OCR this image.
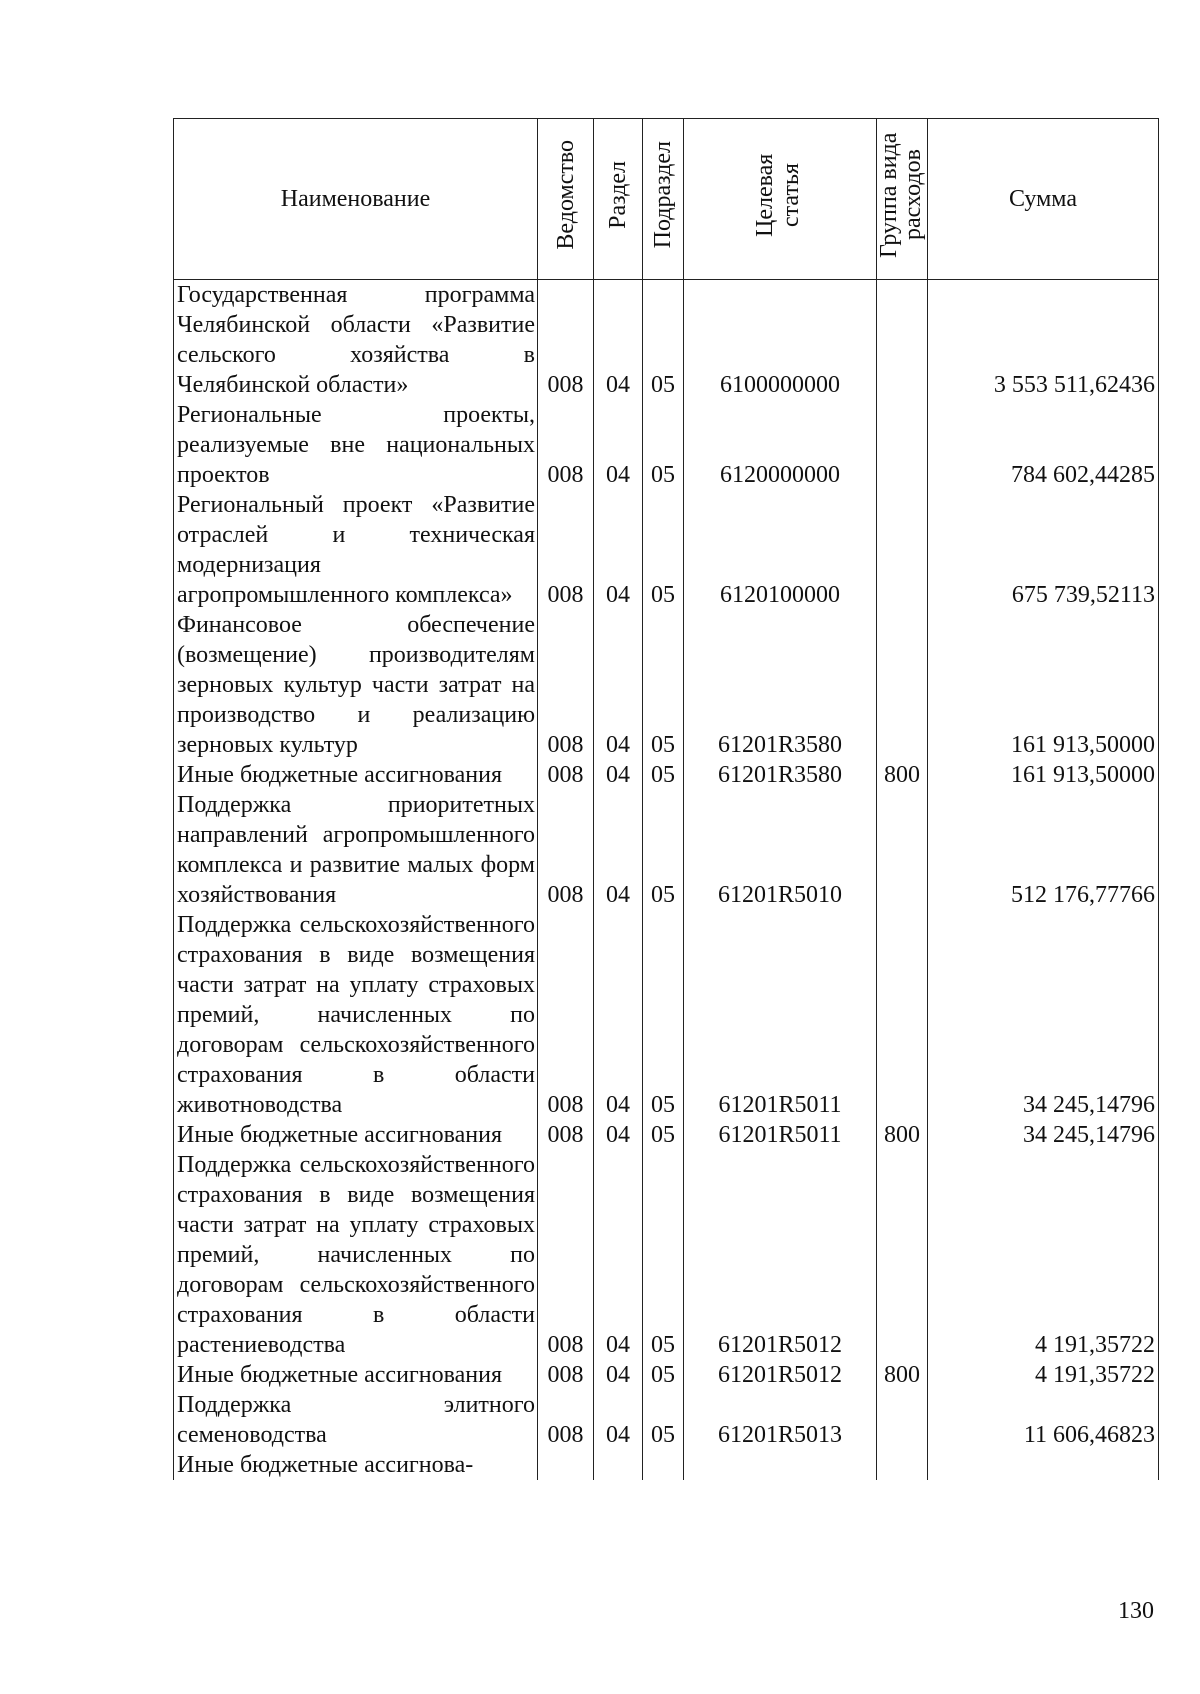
Наименование	Ведомство	Раздел	Подраздел	Целевая статья	Группа вида расходов	Сумма

Государственная программа Челябинской области «Развитие сельского хозяйства в Челябинской области»	008	04	05	6100000000		3 553 511,62436
Региональные проекты, реализуемые вне национальных проектов	008	04	05	6120000000		784 602,44285
Региональный проект «Развитие отраслей и техническая модернизация агропромышленного комплекса»	008	04	05	6120100000		675 739,52113
Финансовое обеспечение (возмещение) производителям зерновых культур части затрат на производство и реализацию зерновых культур	008	04	05	61201R3580		161 913,50000
Иные бюджетные ассигнования	008	04	05	61201R3580	800	161 913,50000
Поддержка приоритетных направлений агропромышленного комплекса и развитие малых форм хозяйствования	008	04	05	61201R5010		512 176,77766
Поддержка сельскохозяйственного страхования в виде возмещения части затрат на уплату страховых премий, начисленных по договорам сельскохозяйственного страхования в области животноводства	008	04	05	61201R5011		34 245,14796
Иные бюджетные ассигнования	008	04	05	61201R5011	800	34 245,14796
Поддержка сельскохозяйственного страхования в виде возмещения части затрат на уплату страховых премий, начисленных по договорам сельскохозяйственного страхования в области растениеводства	008	04	05	61201R5012		4 191,35722
Иные бюджетные ассигнования	008	04	05	61201R5012	800	4 191,35722
Поддержка элитного семеноводства	008	04	05	61201R5013		11 606,46823
Иные бюджетные ассигнова-						
130
